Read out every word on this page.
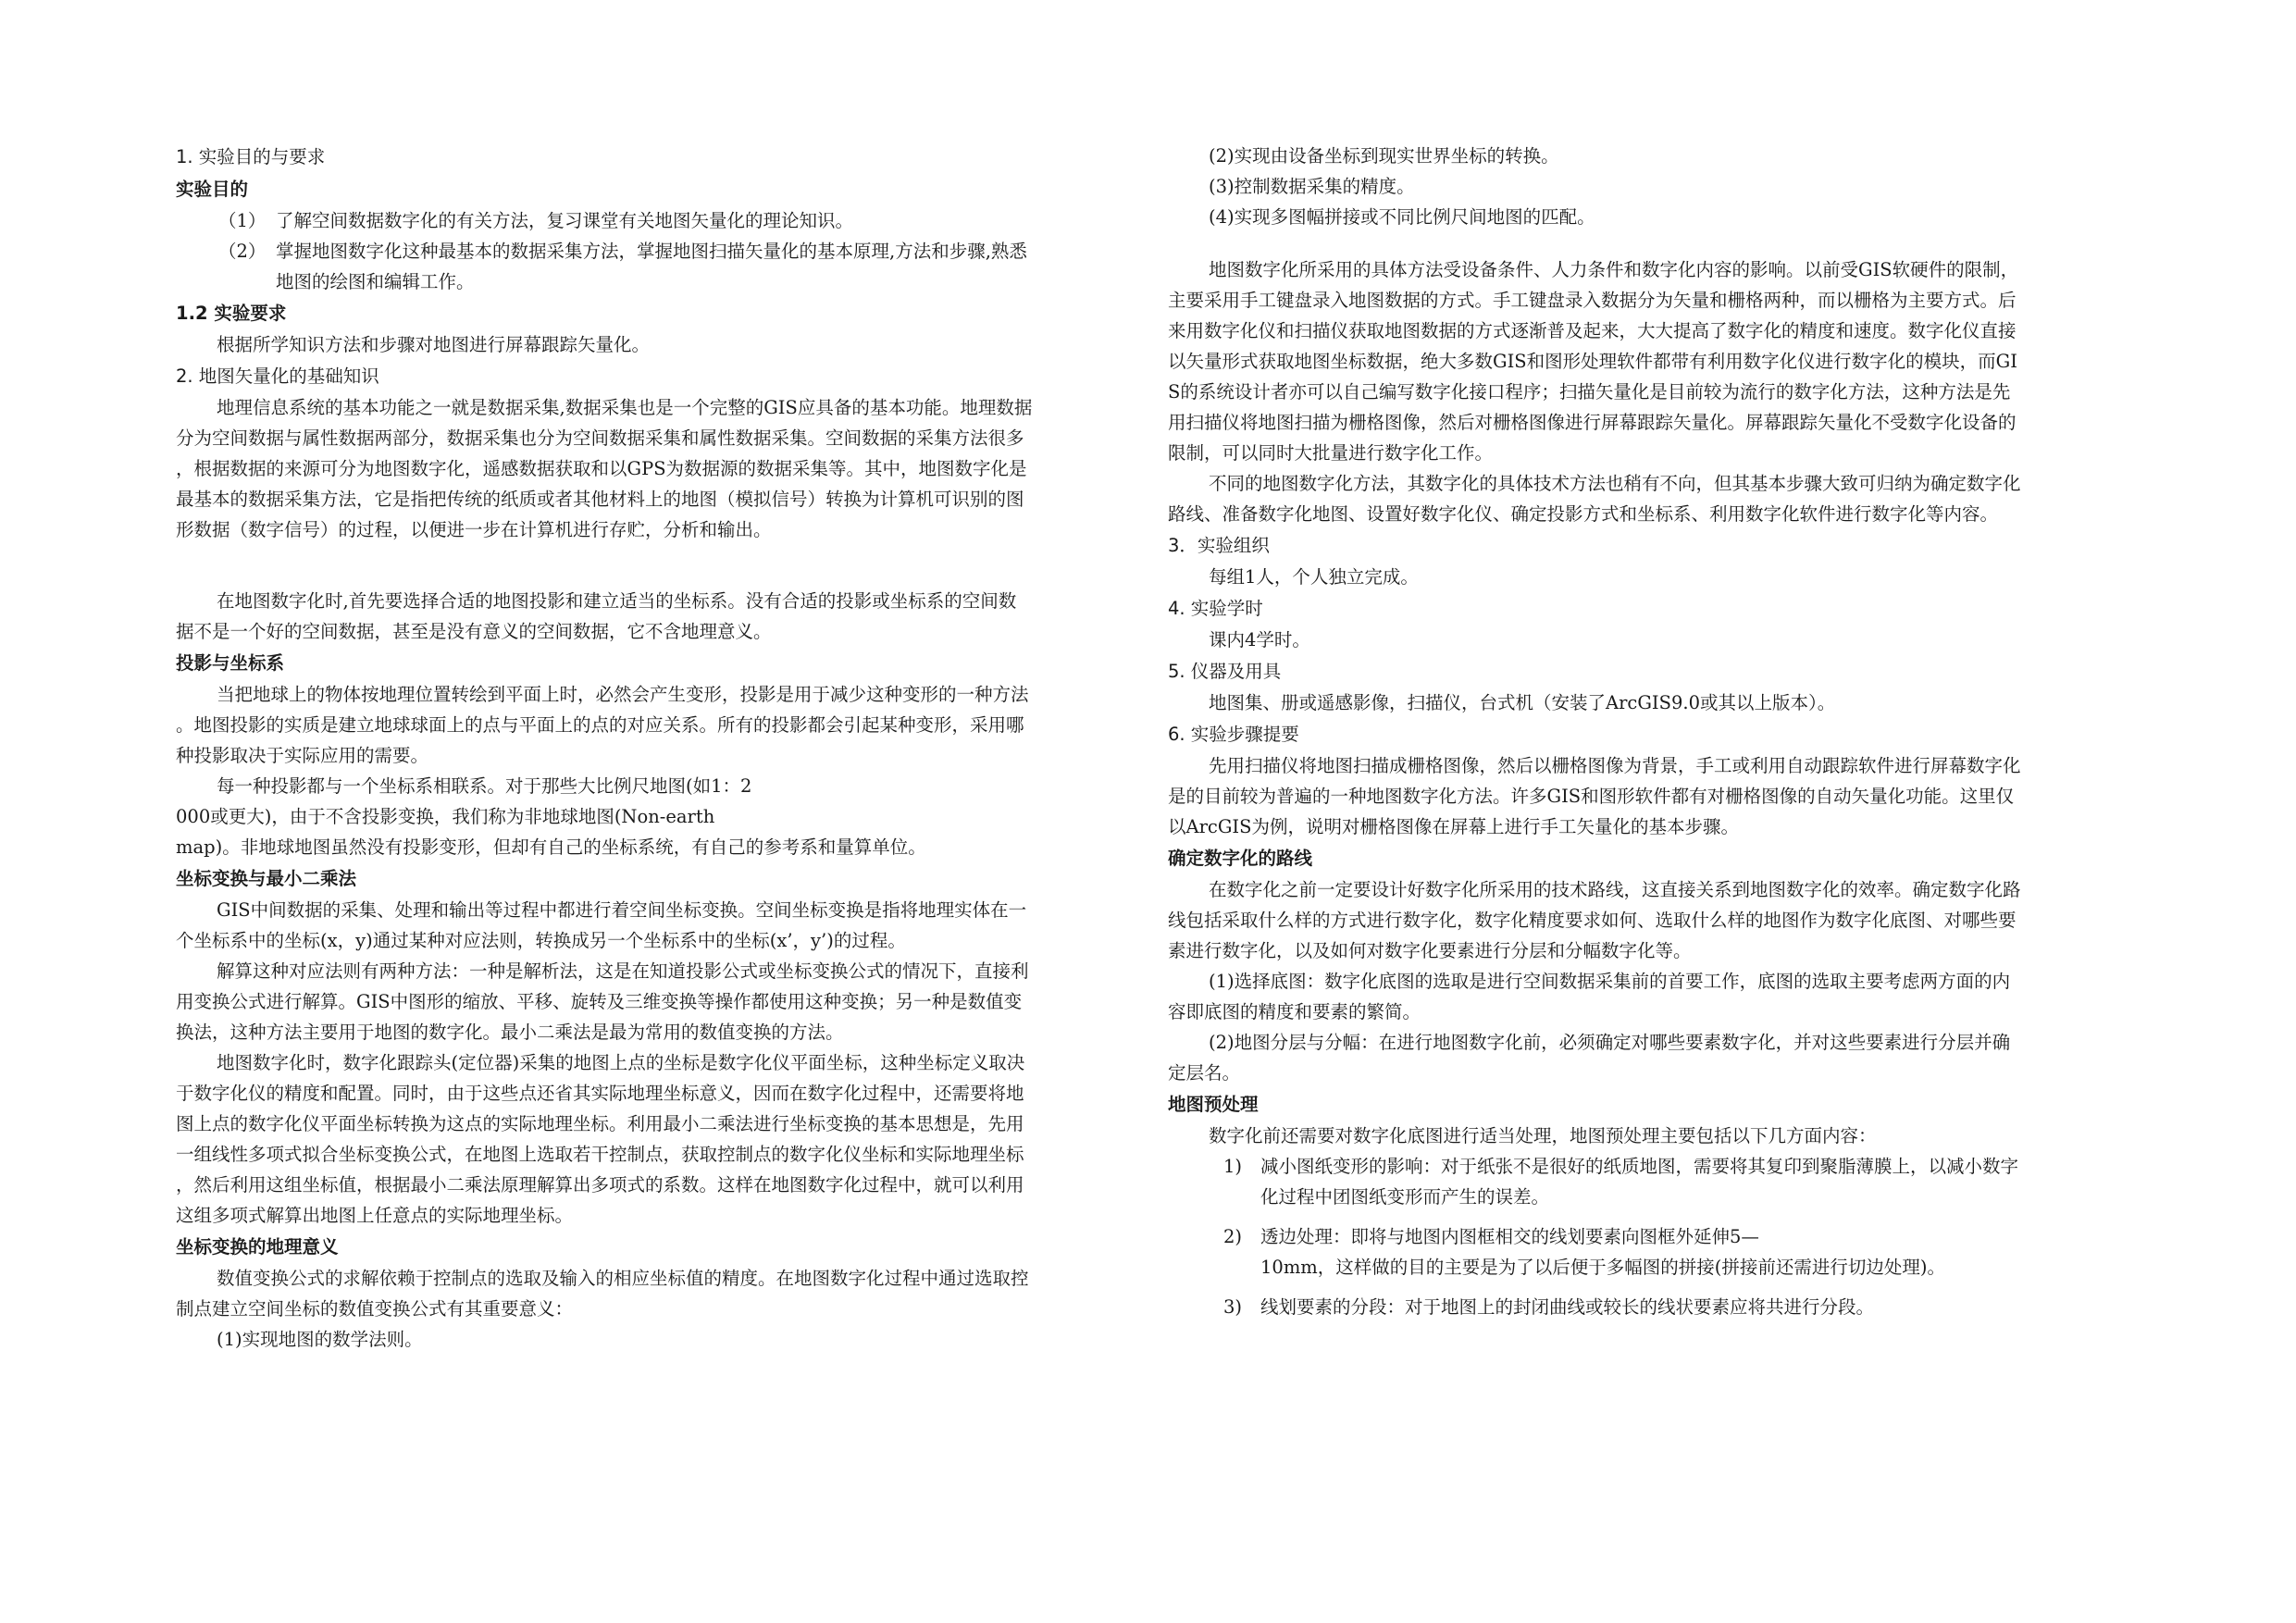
1. 实验目的与要求
实验目的
（1） 了解空间数据数字化的有关方法，复习课堂有关地图矢量化的理论知识。
（2） 掌握地图数字化这种最基本的数据采集方法，掌握地图扫描矢量化的基本原理,方法和步骤,熟悉
地图的绘图和编辑工作。
1.2 实验要求
根据所学知识方法和步骤对地图进行屏幕跟踪矢量化。
2. 地图矢量化的基础知识
地理信息系统的基本功能之一就是数据采集,数据采集也是一个完整的GIS应具备的基本功能。地理数据
分为空间数据与属性数据两部分，数据采集也分为空间数据采集和属性数据采集。空间数据的采集方法很多
，根据数据的来源可分为地图数字化，遥感数据获取和以GPS为数据源的数据采集等。其中，地图数字化是
最基本的数据采集方法，它是指把传统的纸质或者其他材料上的地图（模拟信号）转换为计算机可识别的图
形数据（数字信号）的过程，以便进一步在计算机进行存贮，分析和输出。
在地图数字化时,首先要选择合适的地图投影和建立适当的坐标系。没有合适的投影或坐标系的空间数
据不是一个好的空间数据，甚至是没有意义的空间数据，它不含地理意义。
投影与坐标系
当把地球上的物体按地理位置转绘到平面上时，必然会产生变形，投影是用于减少这种变形的一种方法
。地图投影的实质是建立地球球面上的点与平面上的点的对应关系。所有的投影都会引起某种变形，采用哪
种投影取决于实际应用的需要。
每一种投影都与一个坐标系相联系。对于那些大比例尺地图(如1：2
000或更大)，由于不含投影变换，我们称为非地球地图(Non-earth
map)。非地球地图虽然没有投影变形，但却有自己的坐标系统，有自己的参考系和量算单位。
坐标变换与最小二乘法
GIS中间数据的采集、处理和输出等过程中都进行着空间坐标变换。空间坐标变换是指将地理实体在一
个坐标系中的坐标(x，y)通过某种对应法则，转换成另一个坐标系中的坐标(x’，y’)的过程。
解算这种对应法则有两种方法：一种是解析法，这是在知道投影公式或坐标变换公式的情况下，直接利
用变换公式进行解算。GIS中图形的缩放、平移、旋转及三维变换等操作都使用这种变换；另一种是数值变
换法，这种方法主要用于地图的数字化。最小二乘法是最为常用的数值变换的方法。
地图数字化时，数字化跟踪头(定位器)采集的地图上点的坐标是数字化仪平面坐标，这种坐标定义取决
于数字化仪的精度和配置。同时，由于这些点还省其实际地理坐标意义，因而在数字化过程中，还需要将地
图上点的数字化仪平面坐标转换为这点的实际地理坐标。利用最小二乘法进行坐标变换的基本思想是，先用
一组线性多项式拟合坐标变换公式，在地图上选取若干控制点，获取控制点的数字化仪坐标和实际地理坐标
，然后利用这组坐标值，根据最小二乘法原理解算出多项式的系数。这样在地图数字化过程中，就可以利用
这组多项式解算出地图上任意点的实际地理坐标。
坐标变换的地理意义
数值变换公式的求解依赖于控制点的选取及输入的相应坐标值的精度。在地图数字化过程中通过选取控
制点建立空间坐标的数值变换公式有其重要意义：
(1)实现地图的数学法则。
(2)实现由设备坐标到现实世界坐标的转换。
(3)控制数据采集的精度。
(4)实现多图幅拼接或不同比例尺间地图的匹配。
地图数字化所采用的具体方法受设备条件、人力条件和数字化内容的影响。以前受GIS软硬件的限制，
主要采用手工键盘录入地图数据的方式。手工键盘录入数据分为矢量和栅格两种，而以栅格为主要方式。后
来用数字化仪和扫描仪获取地图数据的方式逐渐普及起来，大大提高了数字化的精度和速度。数字化仪直接
以矢量形式获取地图坐标数据，绝大多数GIS和图形处理软件都带有利用数字化仪进行数字化的模块，而GI
S的系统设计者亦可以自己编写数字化接口程序；扫描矢量化是目前较为流行的数字化方法，这种方法是先
用扫描仪将地图扫描为栅格图像，然后对栅格图像进行屏幕跟踪矢量化。屏幕跟踪矢量化不受数字化设备的
限制，可以同时大批量进行数字化工作。
不同的地图数字化方法，其数字化的具体技术方法也稍有不向，但其基本步骤大致可归纳为确定数字化
路线、准备数字化地图、设置好数字化仪、确定投影方式和坐标系、利用数字化软件进行数字化等内容。
3．实验组织
每组1人，个人独立完成。
4. 实验学时
课内4学时。
5. 仪器及用具
地图集、册或遥感影像，扫描仪，台式机（安装了ArcGIS9.0或其以上版本）。
6. 实验步骤提要
先用扫描仪将地图扫描成栅格图像，然后以栅格图像为背景，手工或利用自动跟踪软件进行屏幕数字化
是的目前较为普遍的一种地图数字化方法。许多GIS和图形软件都有对栅格图像的自动矢量化功能。这里仅
以ArcGIS为例，说明对栅格图像在屏幕上进行手工矢量化的基本步骤。
确定数字化的路线
在数字化之前一定要设计好数字化所采用的技术路线，这直接关系到地图数字化的效率。确定数字化路
线包括采取什么样的方式进行数字化，数字化精度要求如何、选取什么样的地图作为数字化底图、对哪些要
素进行数字化，以及如何对数字化要素进行分层和分幅数字化等。
(1)选择底图：数字化底图的选取是进行空间数据采集前的首要工作，底图的选取主要考虑两方面的内
容即底图的精度和要素的繁简。
(2)地图分层与分幅：在进行地图数字化前，必须确定对哪些要素数字化，并对这些要素进行分层并确
定层名。
地图预处理
数字化前还需要对数字化底图进行适当处理，地图预处理主要包括以下几方面内容：
1)	减小图纸变形的影响：对于纸张不是很好的纸质地图，需要将其复印到聚脂薄膜上，以减小数字
化过程中团图纸变形而产生的误差。
2)	透边处理：即将与地图内图框相交的线划要素向图框外延伸5—
10mm，这样做的目的主要是为了以后便于多幅图的拼接(拼接前还需进行切边处理)。
3)	线划要素的分段：对于地图上的封闭曲线或较长的线状要素应将共进行分段。
